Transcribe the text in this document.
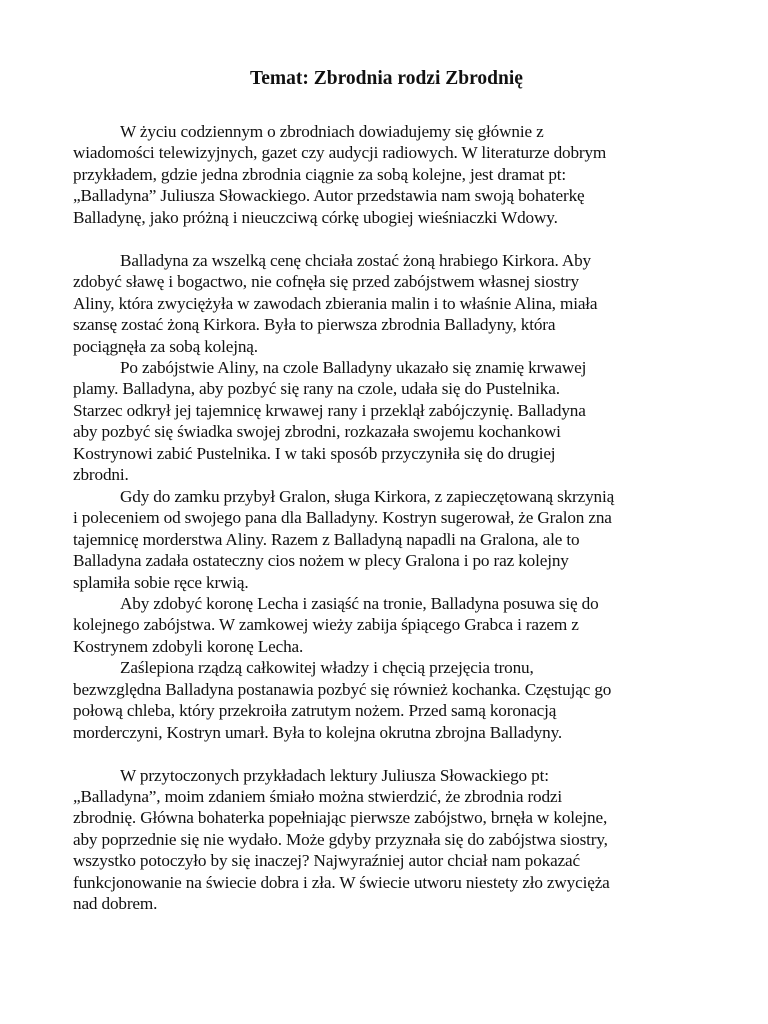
Temat: Zbrodnia rodzi Zbrodnię

W życiu codziennym o zbrodniach dowiadujemy się głównie z
wiadomości telewizyjnych, gazet czy audycji radiowych. W literaturze dobrym
przykładem, gdzie jedna zbrodnia ciągnie za sobą kolejne, jest dramat pt:
„Balladyna” Juliusza Słowackiego. Autor przedstawia nam swoją bohaterkę
Balladynę, jako próżną i nieuczciwą córkę ubogiej wieśniaczki Wdowy.

Balladyna za wszelką cenę chciała zostać żoną hrabiego Kirkora. Aby
zdobyć sławę i bogactwo, nie cofnęła się przed zabójstwem własnej siostry
Aliny, która zwyciężyła w zawodach zbierania malin i to właśnie Alina, miała
szansę zostać żoną Kirkora. Była to pierwsza zbrodnia Balladyny, która
pociągnęła za sobą kolejną.

Po zabójstwie Aliny, na czole Balladyny ukazało się znamię krwawej
plamy. Balladyna, aby pozbyć się rany na czole, udała się do Pustelnika.
Starzec odkrył jej tajemnicę krwawej rany i przeklął zabójczynię. Balladyna
aby pozbyć się świadka swojej zbrodni, rozkazała swojemu kochankowi
Kostrynowi zabić Pustelnika. I w taki sposób przyczyniła się do drugiej
zbrodni.

Gdy do zamku przybył Gralon, sługa Kirkora, z zapieczętowaną skrzynią
i poleceniem od swojego pana dla Balladyny. Kostryn sugerował, że Gralon zna
tajemnicę morderstwa Aliny. Razem z Balladyną napadli na Gralona, ale to
Balladyna zadała ostateczny cios nożem w plecy Gralona i po raz kolejny
splamiła sobie ręce krwią.

Aby zdobyć koronę Lecha i zasiąść na tronie, Balladyna posuwa się do
kolejnego zabójstwa. W zamkowej wieży zabija śpiącego Grabca i razem z
Kostrynem zdobyli koronę Lecha.

Zaślepiona rządzą całkowitej władzy i chęcią przejęcia tronu,
bezwzględna Balladyna postanawia pozbyć się również kochanka. Częstując go
połową chleba, który przekroiła zatrutym nożem. Przed samą koronacją
morderczyni, Kostryn umarł. Była to kolejna okrutna zbrojna Balladyny.

W przytoczonych przykładach lektury Juliusza Słowackiego pt:
„Balladyna”, moim zdaniem śmiało można stwierdzić, że zbrodnia rodzi
zbrodnię. Główna bohaterka popełniając pierwsze zabójstwo, brnęła w kolejne,
aby poprzednie się nie wydało. Może gdyby przyznała się do zabójstwa siostry,
wszystko potoczyło by się inaczej? Najwyraźniej autor chciał nam pokazać
funkcjonowanie na świecie dobra i zła. W świecie utworu niestety zło zwycięża
nad dobrem.
